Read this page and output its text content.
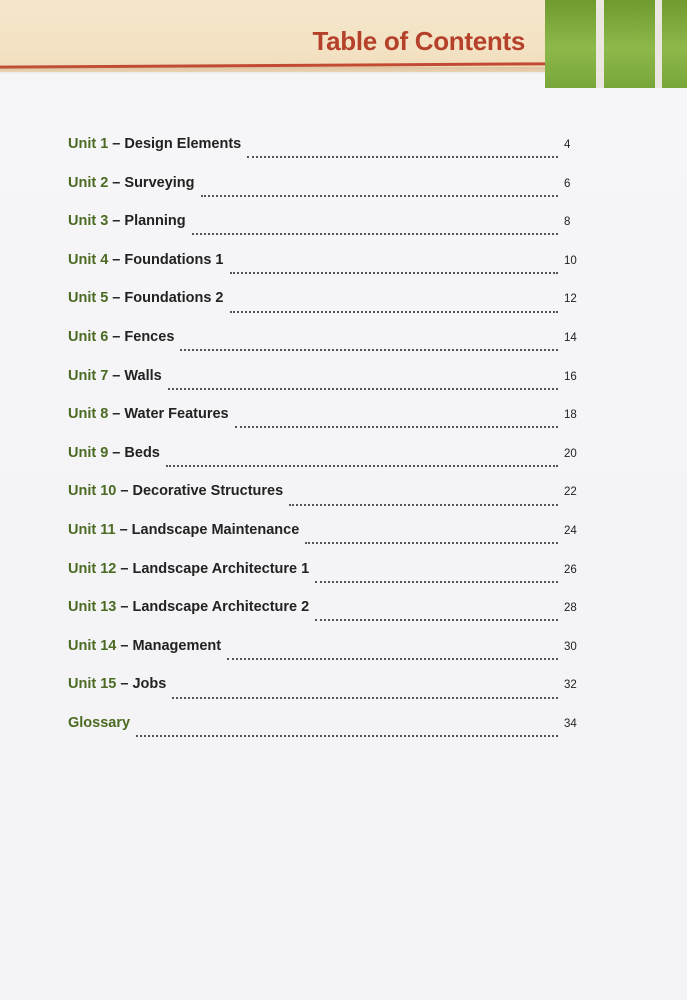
Table of Contents
Unit 1 – Design Elements	4
Unit 2 – Surveying	6
Unit 3 – Planning	8
Unit 4 – Foundations 1	10
Unit 5 – Foundations 2	12
Unit 6 – Fences	14
Unit 7 – Walls	16
Unit 8 – Water Features	18
Unit 9 – Beds	20
Unit 10 – Decorative Structures	22
Unit 11 – Landscape Maintenance	24
Unit 12 – Landscape Architecture 1	26
Unit 13 – Landscape Architecture 2	28
Unit 14 – Management	30
Unit 15 – Jobs	32
Glossary	34
